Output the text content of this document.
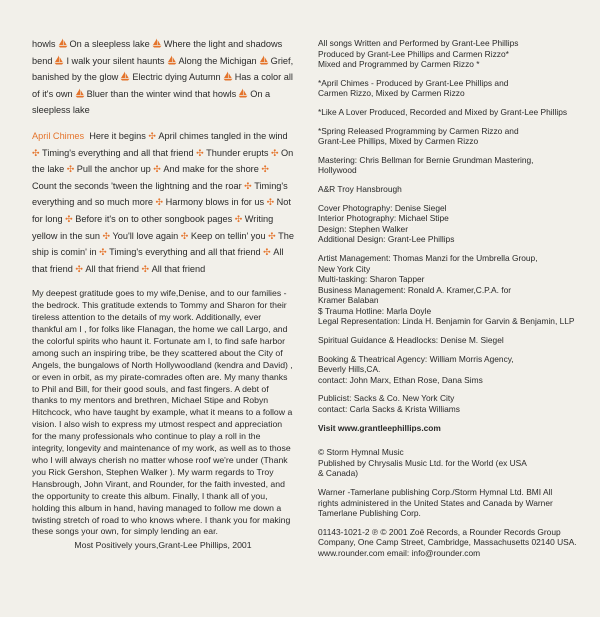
howls On a sleepless lake Where the light and shadows bend I walk your silent haunts Along the Michigan Grief, banished by the glow Electric dying Autumn Has a color all of it's own Bluer than the winter wind that howls On a sleepless lake

April Chimes Here it begins ✣ April chimes tangled in the wind ✣ Timing's everything and all that friend ✣ Thunder erupts ✣ On the lake ✣ Pull the anchor up ✣ And make for the shore ✣ Count the seconds 'tween the lightning and the roar ✣ Timing's everything and so much more ✣ Harmony blows in for us ✣ Not for long ✣ Before it's on to other songbook pages ✣ Writing yellow in the sun ✣ You'll love again ✣ Keep on tellin' you ✣ The ship is comin' in ✣ Timing's everything and all that friend ✣ All that friend ✣ All that friend ✣ All that friend

My deepest gratitude goes to my wife,Denise, and to our families - the bedrock. This gratitude extends to Tommy and Sharon for their tireless attention to the details of my work. Additionally, ever thankful am I , for folks like Flanagan, the home we call Largo, and the colorful spirits who haunt it. Fortunate am I, to find safe harbor among such an inspiring tribe, be they scattered about the City of Angels, the bungalows of North Hollywoodland (kendra and David) , or even in orbit, as my pirate-comrades often are. My many thanks to Phil and Bill, for their good souls, and fast fingers. A debt of thanks to my mentors and brethren, Michael Stipe and Robyn Hitchcock, who have taught by example, what it means to a follow a vision. I also wish to express my utmost respect and appreciation for the many professionals who continue to play a roll in the integrity, longevity and maintenance of my work, as well as to those who I will always cherish no matter whose roof we're under (Thank you Rick Gershon, Stephen Walker ). My warm regards to Troy Hansbrough, John Virant, and Rounder, for the faith invested, and the opportunity to create this album. Finally, I thank all of you, holding this album in hand, having managed to follow me down a twisting stretch of road to who knows where. I thank you for making these songs your own, for simply lending an ear.

Most Positively yours,Grant-Lee Phillips, 2001

All songs Written and Performed by Grant-Lee Phillips
Produced by Grant-Lee Phillips and Carmen Rizzo*
Mixed and Programmed by Carmen Rizzo *

*April Chimes - Produced by Grant-Lee Phillips and
Carmen Rizzo, Mixed by Carmen Rizzo

*Like A Lover Produced, Recorded and Mixed by Grant-Lee Phillips

*Spring Released Programming by Carmen Rizzo and
Grant-Lee Phillips, Mixed by Carmen Rizzo

Mastering: Chris Bellman for Bernie Grundman Mastering,
Hollywood

A&R Troy Hansbrough

Cover Photography: Denise Siegel
Interior Photography: Michael Stipe
Design: Stephen Walker
Additional Design: Grant-Lee Phillips

Artist Management: Thomas Manzi for the Umbrella Group,
New York City
Multi-tasking: Sharon Tapper
Business Management: Ronald A. Kramer,C.P.A. for
Kramer Balaban
$ Trauma Hotline: Marla Doyle
Legal Representation: Linda H. Benjamin for Garvin & Benjamin, LLP

Spiritual Guidance & Headlocks: Denise M. Siegel

Booking & Theatrical Agency: William Morris Agency,
Beverly Hills,CA.
contact: John Marx, Ethan Rose, Dana Sims

Publicist: Sacks & Co. New York City
contact: Carla Sacks & Krista Williams

Visit www.grantleephillips.com

© Storm Hymnal Music
Published by Chrysalis Music Ltd. for the World (ex USA
& Canada)

Warner -Tamerlane publishing Corp./Storm Hymnal Ltd. BMI All
rights administered in the United States and Canada by Warner
Tamerlane Publishing Corp.

01143-1021-2 ℗ © 2001 Zoë Records, a Rounder Records Group
Company, One Camp Street, Cambridge, Massachusetts 02140 USA.
www.rounder.com email: info@rounder.com
